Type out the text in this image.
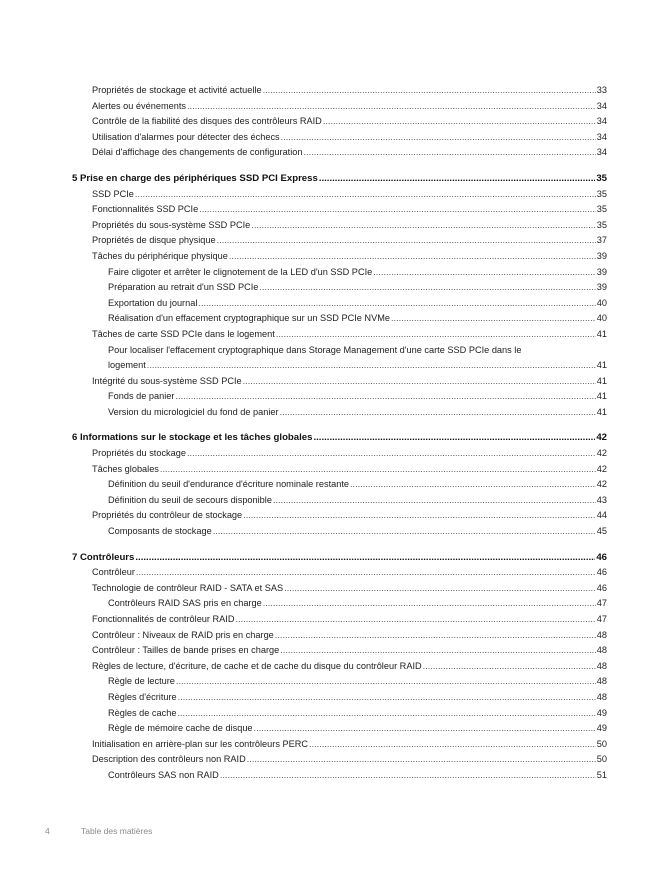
Propriétés de stockage et activité actuelle .....	33
Alertes ou événements .....	34
Contrôle de la fiabilité des disques des contrôleurs RAID .....	34
Utilisation d'alarmes pour détecter des échecs .....	34
Délai d'affichage des changements de configuration .....	34
5 Prise en charge des périphériques SSD PCI Express .....	35
SSD PCIe .....	35
Fonctionnalités SSD PCIe .....	35
Propriétés du sous-système SSD PCIe .....	35
Propriétés de disque physique .....	37
Tâches du périphérique physique .....	39
Faire cligoter et arrêter le clignotement de la LED d'un SSD PCIe .....	39
Préparation au retrait d'un SSD PCIe .....	39
Exportation du journal .....	40
Réalisation d'un effacement cryptographique sur un SSD PCIe NVMe .....	40
Tâches de carte SSD PCIe dans le logement .....	41
Pour localiser l'effacement cryptographique dans Storage Management d'une carte SSD PCIe dans le
logement .....	41
Intégrité du sous-système SSD PCIe .....	41
Fonds de panier .....	41
Version du micrologiciel du fond de panier .....	41
6 Informations sur le stockage et les tâches globales .....	42
Propriétés du stockage .....	42
Tâches globales .....	42
Définition du seuil d'endurance d'écriture nominale restante .....	42
Définition du seuil de secours disponible .....	43
Propriétés du contrôleur de stockage .....	44
Composants de stockage .....	45
7 Contrôleurs .....	46
Contrôleur .....	46
Technologie de contrôleur RAID - SATA et SAS .....	46
Contrôleurs RAID SAS pris en charge .....	47
Fonctionnalités de contrôleur RAID .....	47
Contrôleur : Niveaux de RAID pris en charge .....	48
Contrôleur : Tailles de bande prises en charge .....	48
Règles de lecture, d'écriture, de cache et de cache du disque du contrôleur RAID .....	48
Règle de lecture .....	48
Règles d'écriture .....	48
Règles de cache .....	49
Règle de mémoire cache de disque .....	49
Initialisation en arrière-plan sur les contrôleurs PERC .....	50
Description des contrôleurs non RAID .....	50
Contrôleurs SAS non RAID .....	51
4	Table des matières
